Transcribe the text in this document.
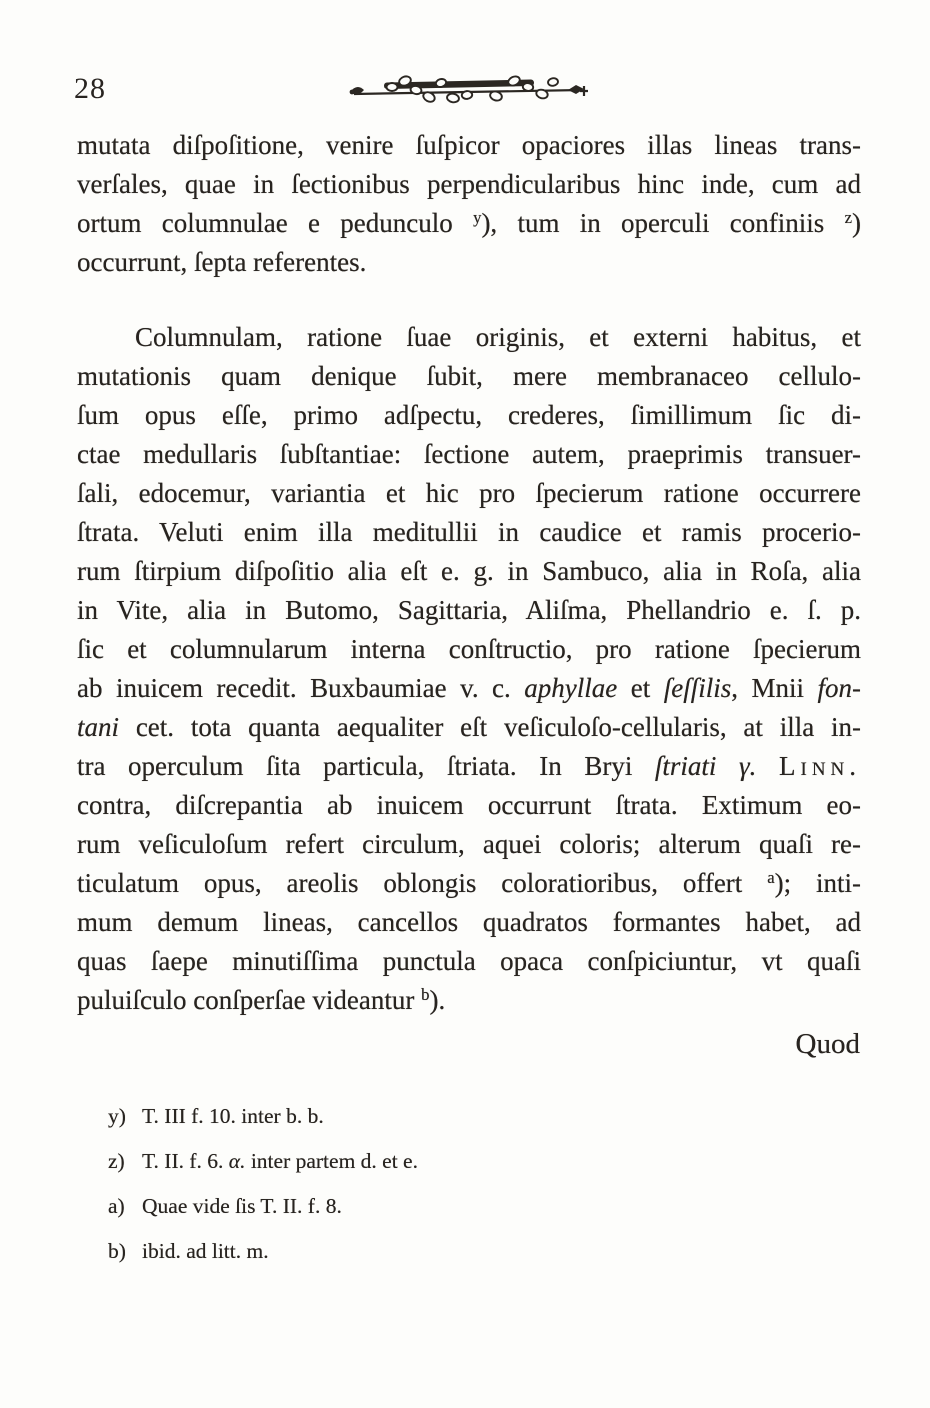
28
mutata diſpoſitione, venire ſuſpicor opaciores illas lineas trans-
verſales, quae in ſectionibus perpendicularibus hinc inde, cum ad
ortum columnulae e pedunculo $^y$), tum in operculi confiniis $^z$)
occurrunt, ſepta referentes.
Columnulam, ratione ſuae originis, et externi habitus, et
mutationis quam denique ſubit, mere membranaceo cellulo-
ſum opus eſſe, primo adſpectu, crederes, ſimillimum ſic di-
ctae medullaris ſubſtantiae: ſectione autem, praeprimis transuer-
ſali, edocemur, variantia et hic pro ſpecierum ratione occurrere
ſtrata. Veluti enim illa meditullii in caudice et ramis procerio-
rum ſtirpium diſpoſitio alia eſt e. g. in Sambuco, alia in Roſa, alia
in Vite, alia in Butomo, Sagittaria, Aliſma, Phellandrio e. ſ. p.
ſic et columnularum interna conſtructio, pro ratione ſpecierum
ab inuicem recedit. Buxbaumiae v. c. aphyllae et ſeſſilis, Mnii fon-
tani cet. tota quanta aequaliter eſt veſiculoſo-cellularis, at illa in-
tra operculum ſita particula, ſtriata. In Bryi ſtriati γ. Linn.
contra, diſcrepantia ab inuicem occurrunt ſtrata. Extimum eo-
rum veſiculoſum refert circulum, aquei coloris; alterum quaſi re-
ticulatum opus, areolis oblongis coloratioribus, offert $^a$); inti-
mum demum lineas, cancellos quadratos formantes habet, ad
quas ſaepe minutiſſima punctula opaca conſpiciuntur, vt quaſi
puluiſculo conſperſae videantur $^b$).
Quod
y) T. III f. 10. inter b. b.
z) T. II. f. 6. α. inter partem d. et e.
a) Quae vide ſis T. II. f. 8.
b) ibid. ad litt. m.
